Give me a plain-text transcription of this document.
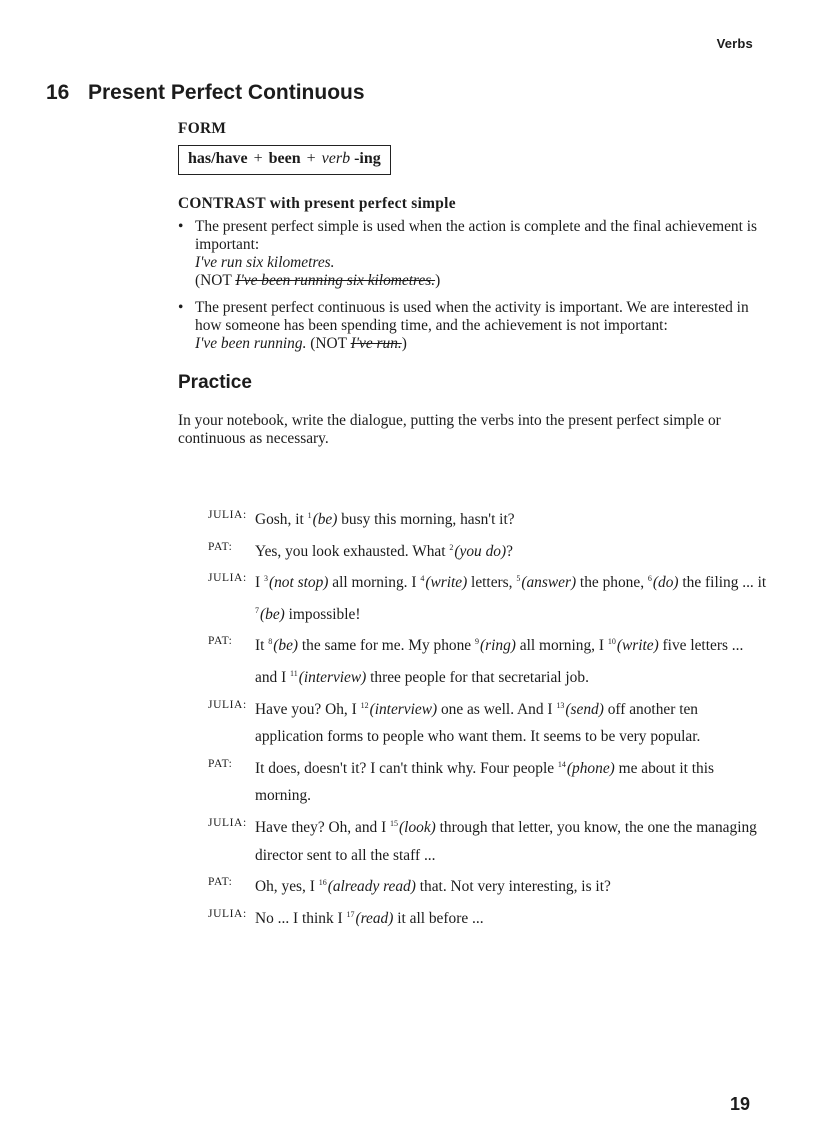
Verbs
16 Present Perfect Continuous

FORM

has/have + been + verb -ing

CONTRAST with present perfect simple

• The present perfect simple is used when the action is complete and the final achievement is important:
I've run six kilometres.
(NOT I've been running six kilometres.)
• The present perfect continuous is used when the activity is important. We are interested in how someone has been spending time, and the achievement is not important:
I've been running. (NOT I've run.)
Practice

In your notebook, write the dialogue, putting the verbs into the present perfect simple or continuous as necessary.

JULIA: Gosh, it $^1$(be) busy this morning, hasn't it?
PAT: Yes, you look exhausted. What $^2$(you do)?
JULIA: I $^3$(not stop) all morning. I $^4$(write) letters, $^5$(answer) the phone, $^6$(do) the filing ... it $^7$(be) impossible!
PAT: It $^8$(be) the same for me. My phone $^9$(ring) all morning, I $^{10}$(write) five letters ... and I $^{11}$(interview) three people for that secretarial job.
JULIA: Have you? Oh, I $^{12}$(interview) one as well. And I $^{13}$(send) off another ten application forms to people who want them. It seems to be very popular.
PAT: It does, doesn't it? I can't think why. Four people $^{14}$(phone) me about it this morning.
JULIA: Have they? Oh, and I $^{15}$(look) through that letter, you know, the one the managing director sent to all the staff ...
PAT: Oh, yes, I $^{16}$(already read) that. Not very interesting, is it?
JULIA: No ... I think I $^{17}$(read) it all before ...
19
